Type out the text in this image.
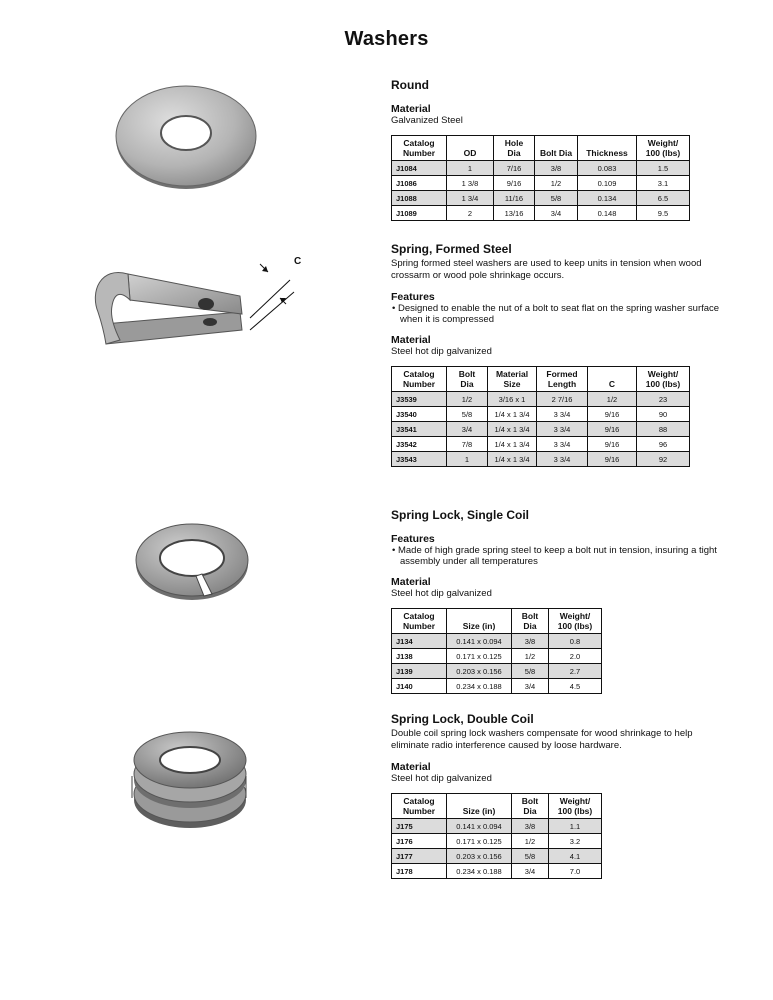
Washers
C
Round
Material
Galvanized Steel
Catalog Number	OD	Hole Dia	Bolt Dia	Thickness	Weight/ 100 (lbs)
J1084	1	7/16	3/8	0.083	1.5
J1086	1 3/8	9/16	1/2	0.109	3.1
J1088	1 3/4	11/16	5/8	0.134	6.5
J1089	2	13/16	3/4	0.148	9.5
Spring, Formed Steel
Spring formed steel washers are used to keep units in tension when wood crossarm or wood pole shrinkage occurs.
Features
• Designed to enable the nut of a bolt to seat flat on the spring washer surface when it is compressed
Material
Steel hot dip galvanized
Catalog Number	Bolt Dia	Material Size	Formed Length	C	Weight/ 100 (lbs)
J3539	1/2	3/16 x 1	2 7/16	1/2	23
J3540	5/8	1/4 x 1 3/4	3 3/4	9/16	90
J3541	3/4	1/4 x 1 3/4	3 3/4	9/16	88
J3542	7/8	1/4 x 1 3/4	3 3/4	9/16	96
J3543	1	1/4 x 1 3/4	3 3/4	9/16	92
Spring Lock, Single Coil
Features
• Made of high grade spring steel to keep a bolt nut in tension, insuring a tight assembly under all temperatures
Material
Steel hot dip galvanized
Catalog Number	Size (in)	Bolt Dia	Weight/ 100 (lbs)
J134	0.141 x 0.094	3/8	0.8
J138	0.171 x 0.125	1/2	2.0
J139	0.203 x 0.156	5/8	2.7
J140	0.234 x 0.188	3/4	4.5
Spring Lock, Double Coil
Double coil spring lock washers compensate for wood shrinkage to help eliminate radio interference caused by loose hardware.
Material
Steel hot dip galvanized
Catalog Number	Size (in)	Bolt Dia	Weight/ 100 (lbs)
J175	0.141 x 0.094	3/8	1.1
J176	0.171 x 0.125	1/2	3.2
J177	0.203 x 0.156	5/8	4.1
J178	0.234 x 0.188	3/4	7.0
